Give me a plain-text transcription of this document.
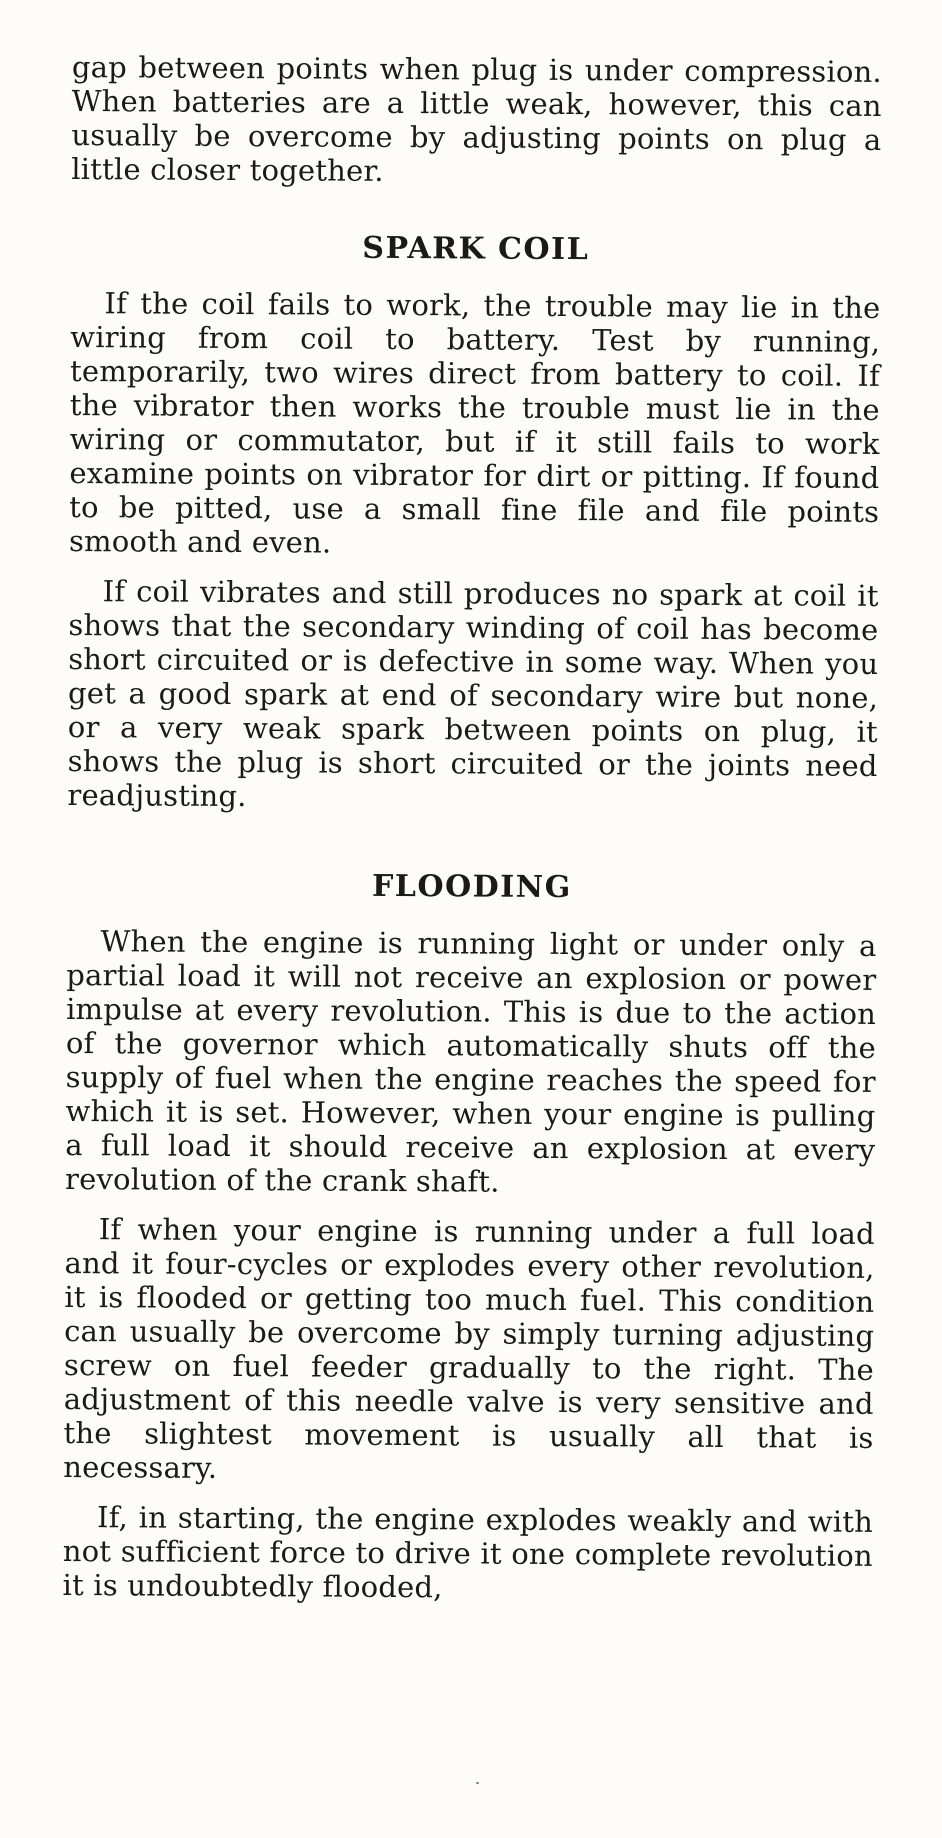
gap between points when plug is under compression. When batteries are a little weak, however, this can usually be overcome by adjusting points on plug a little closer together.

SPARK COIL

If the coil fails to work, the trouble may lie in the wiring from coil to battery. Test by running, temporarily, two wires direct from battery to coil. If the vibrator then works the trouble must lie in the wiring or commutator, but if it still fails to work examine points on vibrator for dirt or pitting. If found to be pitted, use a small fine file and file points smooth and even.

If coil vibrates and still produces no spark at coil it shows that the secondary winding of coil has become short circuited or is defective in some way. When you get a good spark at end of secondary wire but none, or a very weak spark between points on plug, it shows the plug is short circuited or the joints need readjusting.

FLOODING

When the engine is running light or under only a partial load it will not receive an explosion or power impulse at every revolution. This is due to the action of the governor which automatically shuts off the supply of fuel when the engine reaches the speed for which it is set. However, when your engine is pulling a full load it should receive an explosion at every revolution of the crank shaft.

If when your engine is running under a full load and it four-cycles or explodes every other revolution, it is flooded or getting too much fuel. This condition can usually be overcome by simply turning adjusting screw on fuel feeder gradually to the right. The adjustment of this needle valve is very sensitive and the slightest movement is usually all that is necessary.

If, in starting, the engine explodes weakly and with not sufficient force to drive it one complete revolution it is undoubtedly flooded,
